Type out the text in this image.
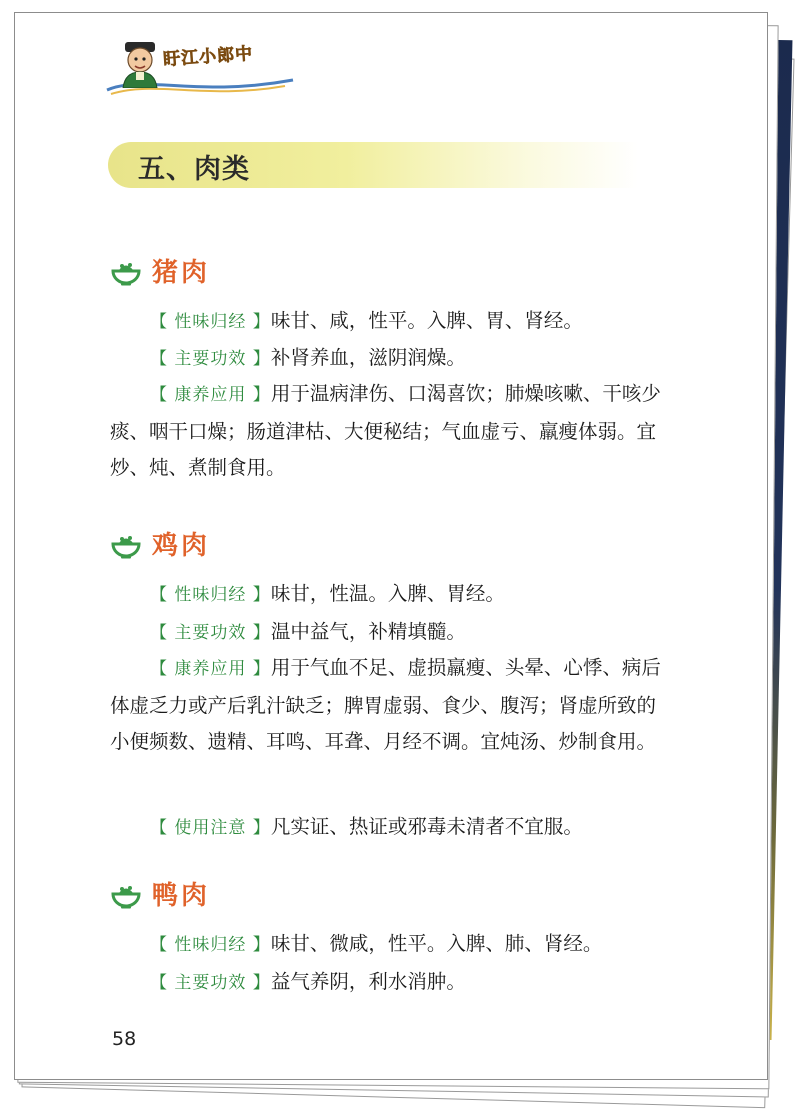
盱江小郎中
五、肉类
猪肉
【 性味归经 】味甘、咸，性平。入脾、胃、肾经。
【 主要功效 】补肾养血，滋阴润燥。
【 康养应用 】用于温病津伤、口渴喜饮；肺燥咳嗽、干咳少痰、咽干口燥；肠道津枯、大便秘结；气血虚亏、羸瘦体弱。宜炒、炖、煮制食用。
鸡肉
【 性味归经 】味甘，性温。入脾、胃经。
【 主要功效 】温中益气，补精填髓。
【 康养应用 】用于气血不足、虚损羸瘦、头晕、心悸、病后体虚乏力或产后乳汁缺乏；脾胃虚弱、食少、腹泻；肾虚所致的小便频数、遗精、耳鸣、耳聋、月经不调。宜炖汤、炒制食用。
【 使用注意 】凡实证、热证或邪毒未清者不宜服。
鸭肉
【 性味归经 】味甘、微咸，性平。入脾、肺、肾经。
【 主要功效 】益气养阴，利水消肿。
58
